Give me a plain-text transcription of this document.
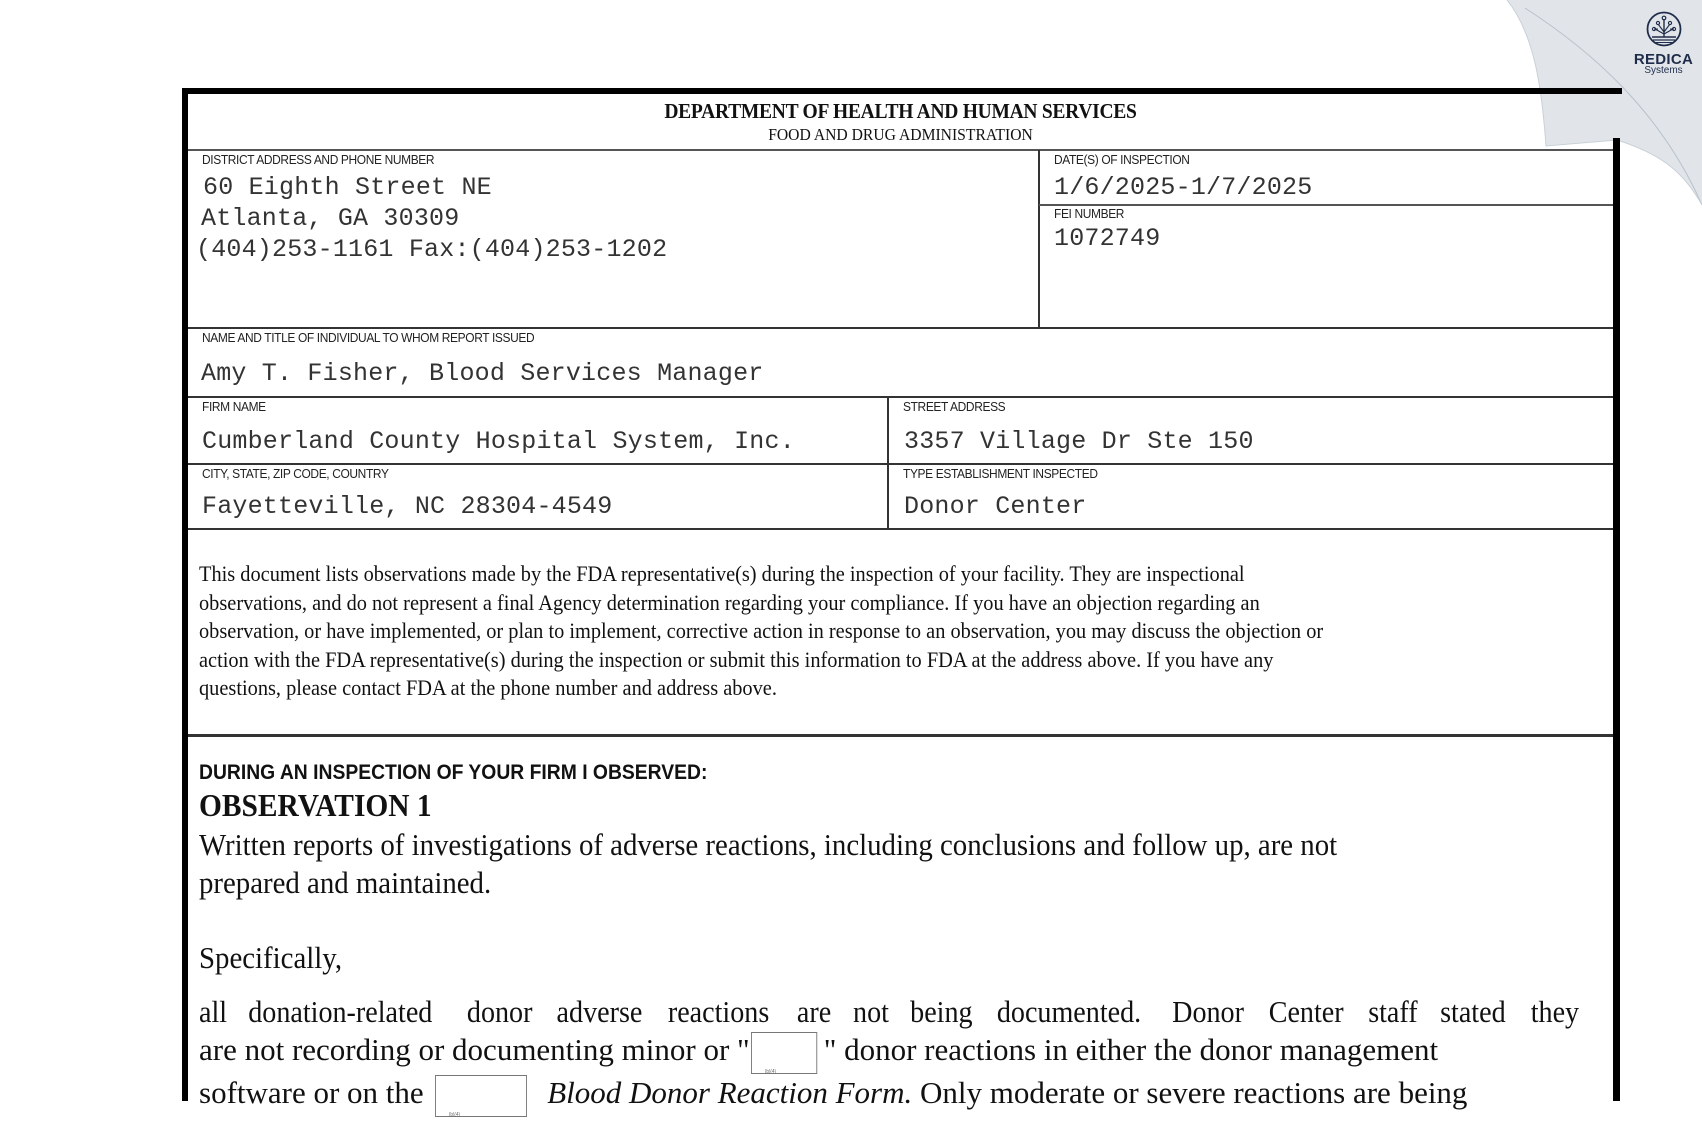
REDICA
Systems
DEPARTMENT OF HEALTH AND HUMAN SERVICES
FOOD AND DRUG ADMINISTRATION
DISTRICT ADDRESS AND PHONE NUMBER
60 Eighth Street NE
Atlanta, GA 30309
(404)253-1161 Fax:(404)253-1202
DATE(S) OF INSPECTION
1/6/2025-1/7/2025
FEI NUMBER
1072749
NAME AND TITLE OF INDIVIDUAL TO WHOM REPORT ISSUED
Amy T. Fisher, Blood Services Manager
FIRM NAME
Cumberland County Hospital System, Inc.
STREET ADDRESS
3357 Village Dr Ste 150
CITY, STATE, ZIP CODE, COUNTRY
Fayetteville, NC 28304-4549
TYPE ESTABLISHMENT INSPECTED
Donor Center
This document lists observations made by the FDA representative(s) during the inspection of your facility. They are inspectional
observations, and do not represent a final Agency determination regarding your compliance. If you have an objection regarding an
observation, or have implemented, or plan to implement, corrective action in response to an observation, you may discuss the objection or
action with the FDA representative(s) during the inspection or submit this information to FDA at the address above. If you have any
questions, please contact FDA at the phone number and address above.
DURING AN INSPECTION OF YOUR FIRM I OBSERVED:
OBSERVATION 1
Written reports of investigations of adverse reactions, including conclusions and follow up, are not
prepared and maintained.
Specifically,
all donation-related donor adverse reactions are not being documented. Donor Center staff stated they
are not recording or documenting minor or "
(b)(4)
" donor reactions in either the donor management
software or on the
(b)(4)
Blood Donor Reaction Form. Only moderate or severe reactions are being
